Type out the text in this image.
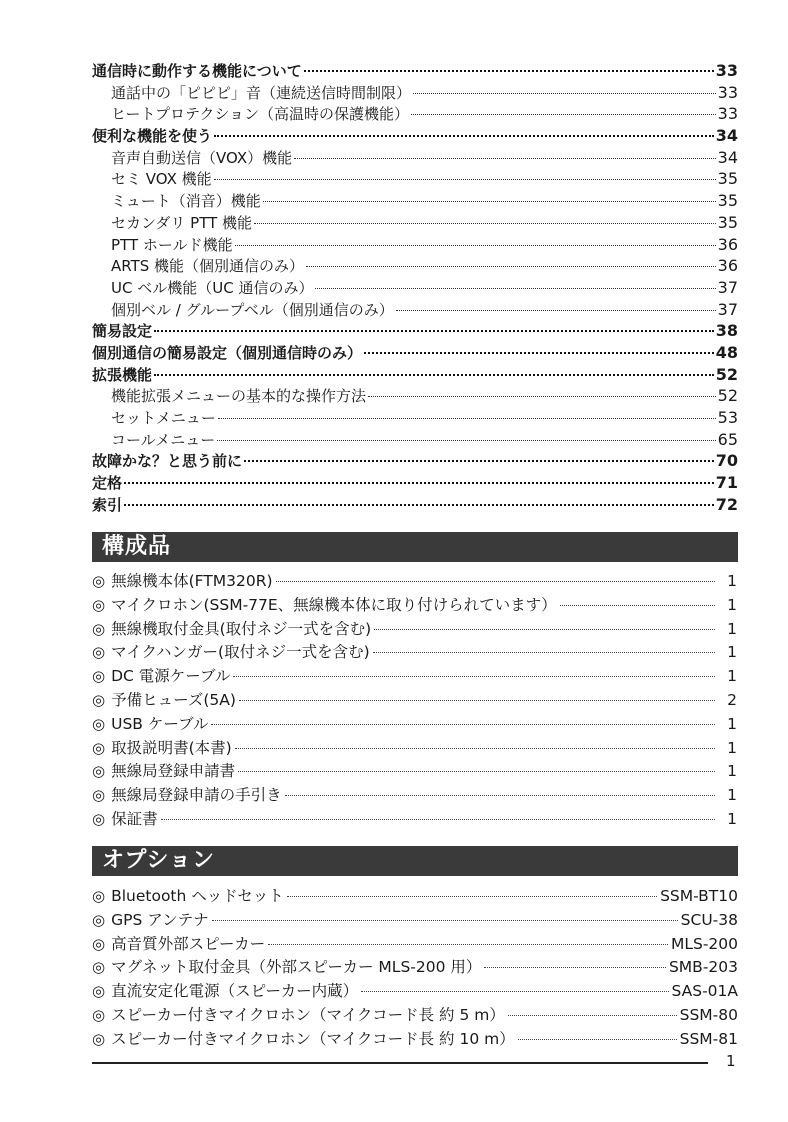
通信時に動作する機能について	33
通話中の「ピピピ」音（連続送信時間制限）	33
ヒートプロテクション（高温時の保護機能）	33
便利な機能を使う	34
音声自動送信（VOX）機能	34
セミ VOX 機能	35
ミュート（消音）機能	35
セカンダリ PTT 機能	35
PTT ホールド機能	36
ARTS 機能（個別通信のみ）	36
UC ベル機能（UC 通信のみ）	37
個別ベル / グループベル（個別通信のみ）	37
簡易設定	38
個別通信の簡易設定（個別通信時のみ）	48
拡張機能	52
機能拡張メニューの基本的な操作方法	52
セットメニュー	53
コールメニュー	65
故障かな？と思う前に	70
定格	71
索引	72
構成品
◎ 無線機本体(FTM320R)	1
◎ マイクロホン(SSM-77E、無線機本体に取り付けられています）	1
◎ 無線機取付金具(取付ネジ一式を含む)	1
◎ マイクハンガー(取付ネジ一式を含む)	1
◎ DC 電源ケーブル	1
◎ 予備ヒューズ(5A)	2
◎ USB ケーブル	1
◎ 取扱説明書(本書)	1
◎ 無線局登録申請書	1
◎ 無線局登録申請の手引き	1
◎ 保証書	1
オプション
◎ Bluetooth ヘッドセット	SSM-BT10
◎ GPS アンテナ	SCU-38
◎ 高音質外部スピーカー	MLS-200
◎ マグネット取付金具（外部スピーカー MLS-200 用）	SMB-203
◎ 直流安定化電源（スピーカー内蔵）	SAS-01A
◎ スピーカー付きマイクロホン（マイクコード長 約 5 m）	SSM-80
◎ スピーカー付きマイクロホン（マイクコード長 約 10 m）	SSM-81
1
